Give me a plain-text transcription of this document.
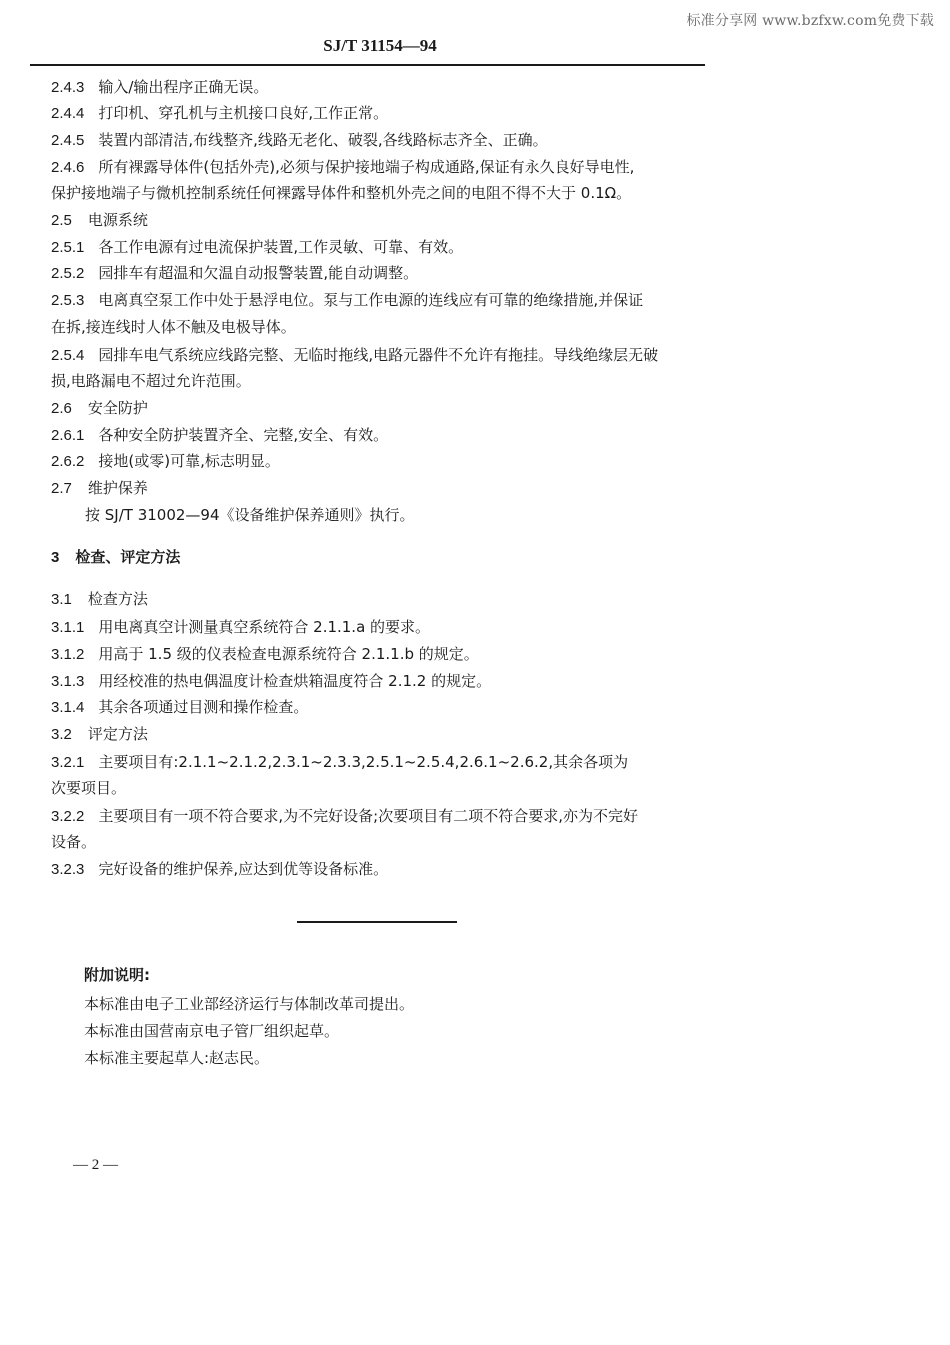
标准分享网 www.bzfxw.com免费下载
SJ/T 31154—94
2.4.3 输入/输出程序正确无误。
2.4.4 打印机、穿孔机与主机接口良好,工作正常。
2.4.5 装置内部清洁,布线整齐,线路无老化、破裂,各线路标志齐全、正确。
2.4.6 所有裸露导体件(包括外壳),必须与保护接地端子构成通路,保证有永久良好导电性,
保护接地端子与微机控制系统任何裸露导体件和整机外壳之间的电阻不得不大于 0.1Ω。
2.5 电源系统
2.5.1 各工作电源有过电流保护装置,工作灵敏、可靠、有效。
2.5.2 园排车有超温和欠温自动报警装置,能自动调整。
2.5.3 电离真空泵工作中处于悬浮电位。泵与工作电源的连线应有可靠的绝缘措施,并保证
在拆,接连线时人体不触及电极导体。
2.5.4 园排车电气系统应线路完整、无临时拖线,电路元器件不允许有拖挂。导线绝缘层无破
损,电路漏电不超过允许范围。
2.6 安全防护
2.6.1 各种安全防护装置齐全、完整,安全、有效。
2.6.2 接地(或零)可靠,标志明显。
2.7 维护保养
按 SJ/T 31002—94《设备维护保养通则》执行。
3 检查、评定方法
3.1 检查方法
3.1.1 用电离真空计测量真空系统符合 2.1.1.a 的要求。
3.1.2 用高于 1.5 级的仪表检查电源系统符合 2.1.1.b 的规定。
3.1.3 用经校准的热电偶温度计检查烘箱温度符合 2.1.2 的规定。
3.1.4 其余各项通过目测和操作检查。
3.2 评定方法
3.2.1 主要项目有:2.1.1~2.1.2,2.3.1~2.3.3,2.5.1~2.5.4,2.6.1~2.6.2,其余各项为
次要项目。
3.2.2 主要项目有一项不符合要求,为不完好设备;次要项目有二项不符合要求,亦为不完好
设备。
3.2.3 完好设备的维护保养,应达到优等设备标准。
附加说明:
本标准由电子工业部经济运行与体制改革司提出。
本标准由国营南京电子管厂组织起草。
本标准主要起草人:赵志民。
— 2 —
